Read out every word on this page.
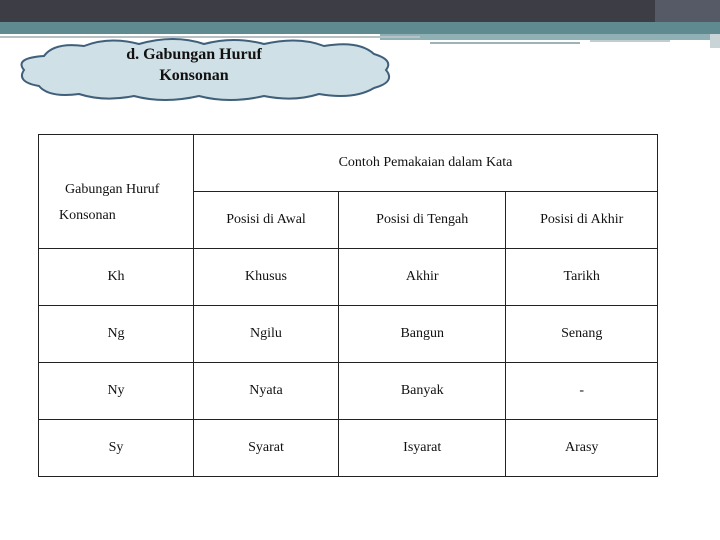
d. Gabungan Huruf
Konsonan
Gabungan Huruf
Konsonan	Contoh Pemakaian dalam Kata		
	Posisi di Awal	Posisi di Tengah	Posisi di Akhir
Kh	Khusus	Akhir	Tarikh
Ng	Ngilu	Bangun	Senang
Ny	Nyata	Banyak	-
Sy	Syarat	Isyarat	Arasy
